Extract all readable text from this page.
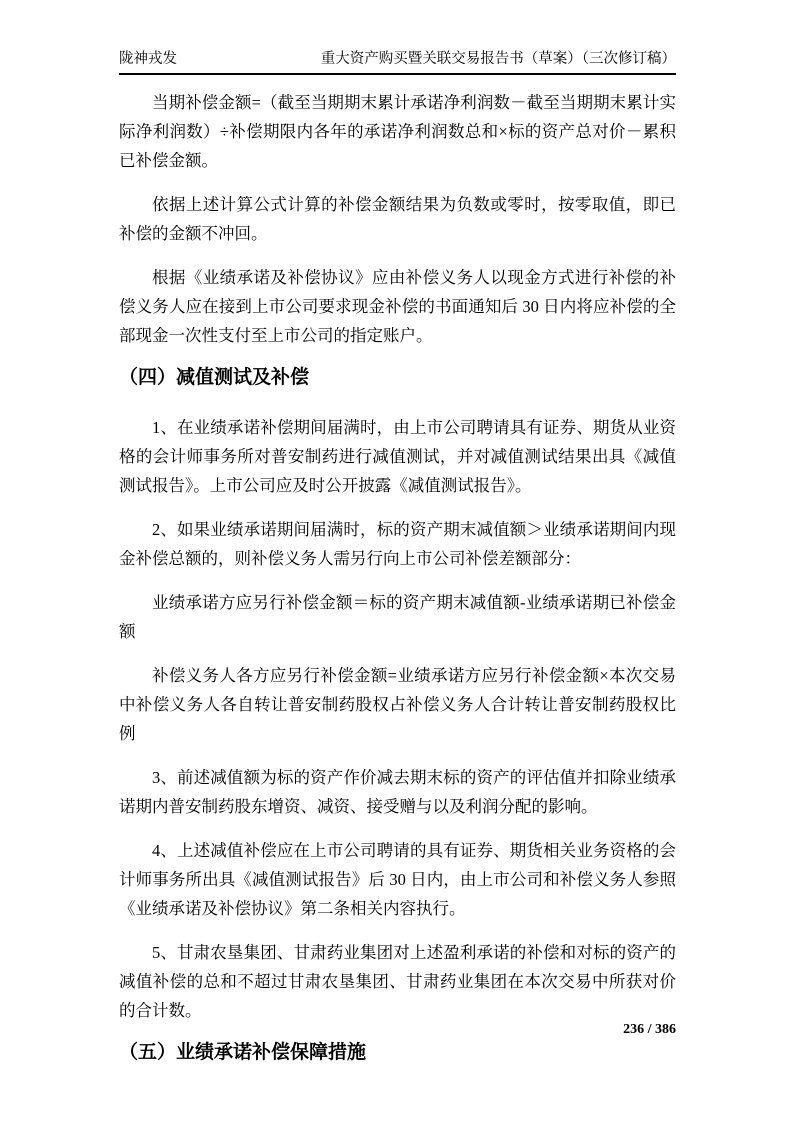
陇神戎发	重大资产购买暨关联交易报告书（草案）（三次修订稿）

当期补偿金额=（截至当期期末累计承诺净利润数－截至当期期末累计实际净利润数）÷补偿期限内各年的承诺净利润数总和×标的资产总对价－累积已补偿金额。

依据上述计算公式计算的补偿金额结果为负数或零时，按零取值，即已补偿的金额不冲回。

根据《业绩承诺及补偿协议》应由补偿义务人以现金方式进行补偿的补偿义务人应在接到上市公司要求现金补偿的书面通知后 30 日内将应补偿的全部现金一次性支付至上市公司的指定账户。

（四）减值测试及补偿

1、在业绩承诺补偿期间届满时，由上市公司聘请具有证券、期货从业资格的会计师事务所对普安制药进行减值测试，并对减值测试结果出具《减值测试报告》。上市公司应及时公开披露《减值测试报告》。

2、如果业绩承诺期间届满时，标的资产期末减值额＞业绩承诺期间内现金补偿总额的，则补偿义务人需另行向上市公司补偿差额部分：

业绩承诺方应另行补偿金额＝标的资产期末减值额-业绩承诺期已补偿金额

补偿义务人各方应另行补偿金额=业绩承诺方应另行补偿金额×本次交易中补偿义务人各自转让普安制药股权占补偿义务人合计转让普安制药股权比例

3、前述减值额为标的资产作价减去期末标的资产的评估值并扣除业绩承诺期内普安制药股东增资、减资、接受赠与以及利润分配的影响。

4、上述减值补偿应在上市公司聘请的具有证券、期货相关业务资格的会计师事务所出具《减值测试报告》后 30 日内，由上市公司和补偿义务人参照《业绩承诺及补偿协议》第二条相关内容执行。

5、甘肃农垦集团、甘肃药业集团对上述盈利承诺的补偿和对标的资产的减值补偿的总和不超过甘肃农垦集团、甘肃药业集团在本次交易中所获对价的合计数。

（五）业绩承诺补偿保障措施
236 / 386
